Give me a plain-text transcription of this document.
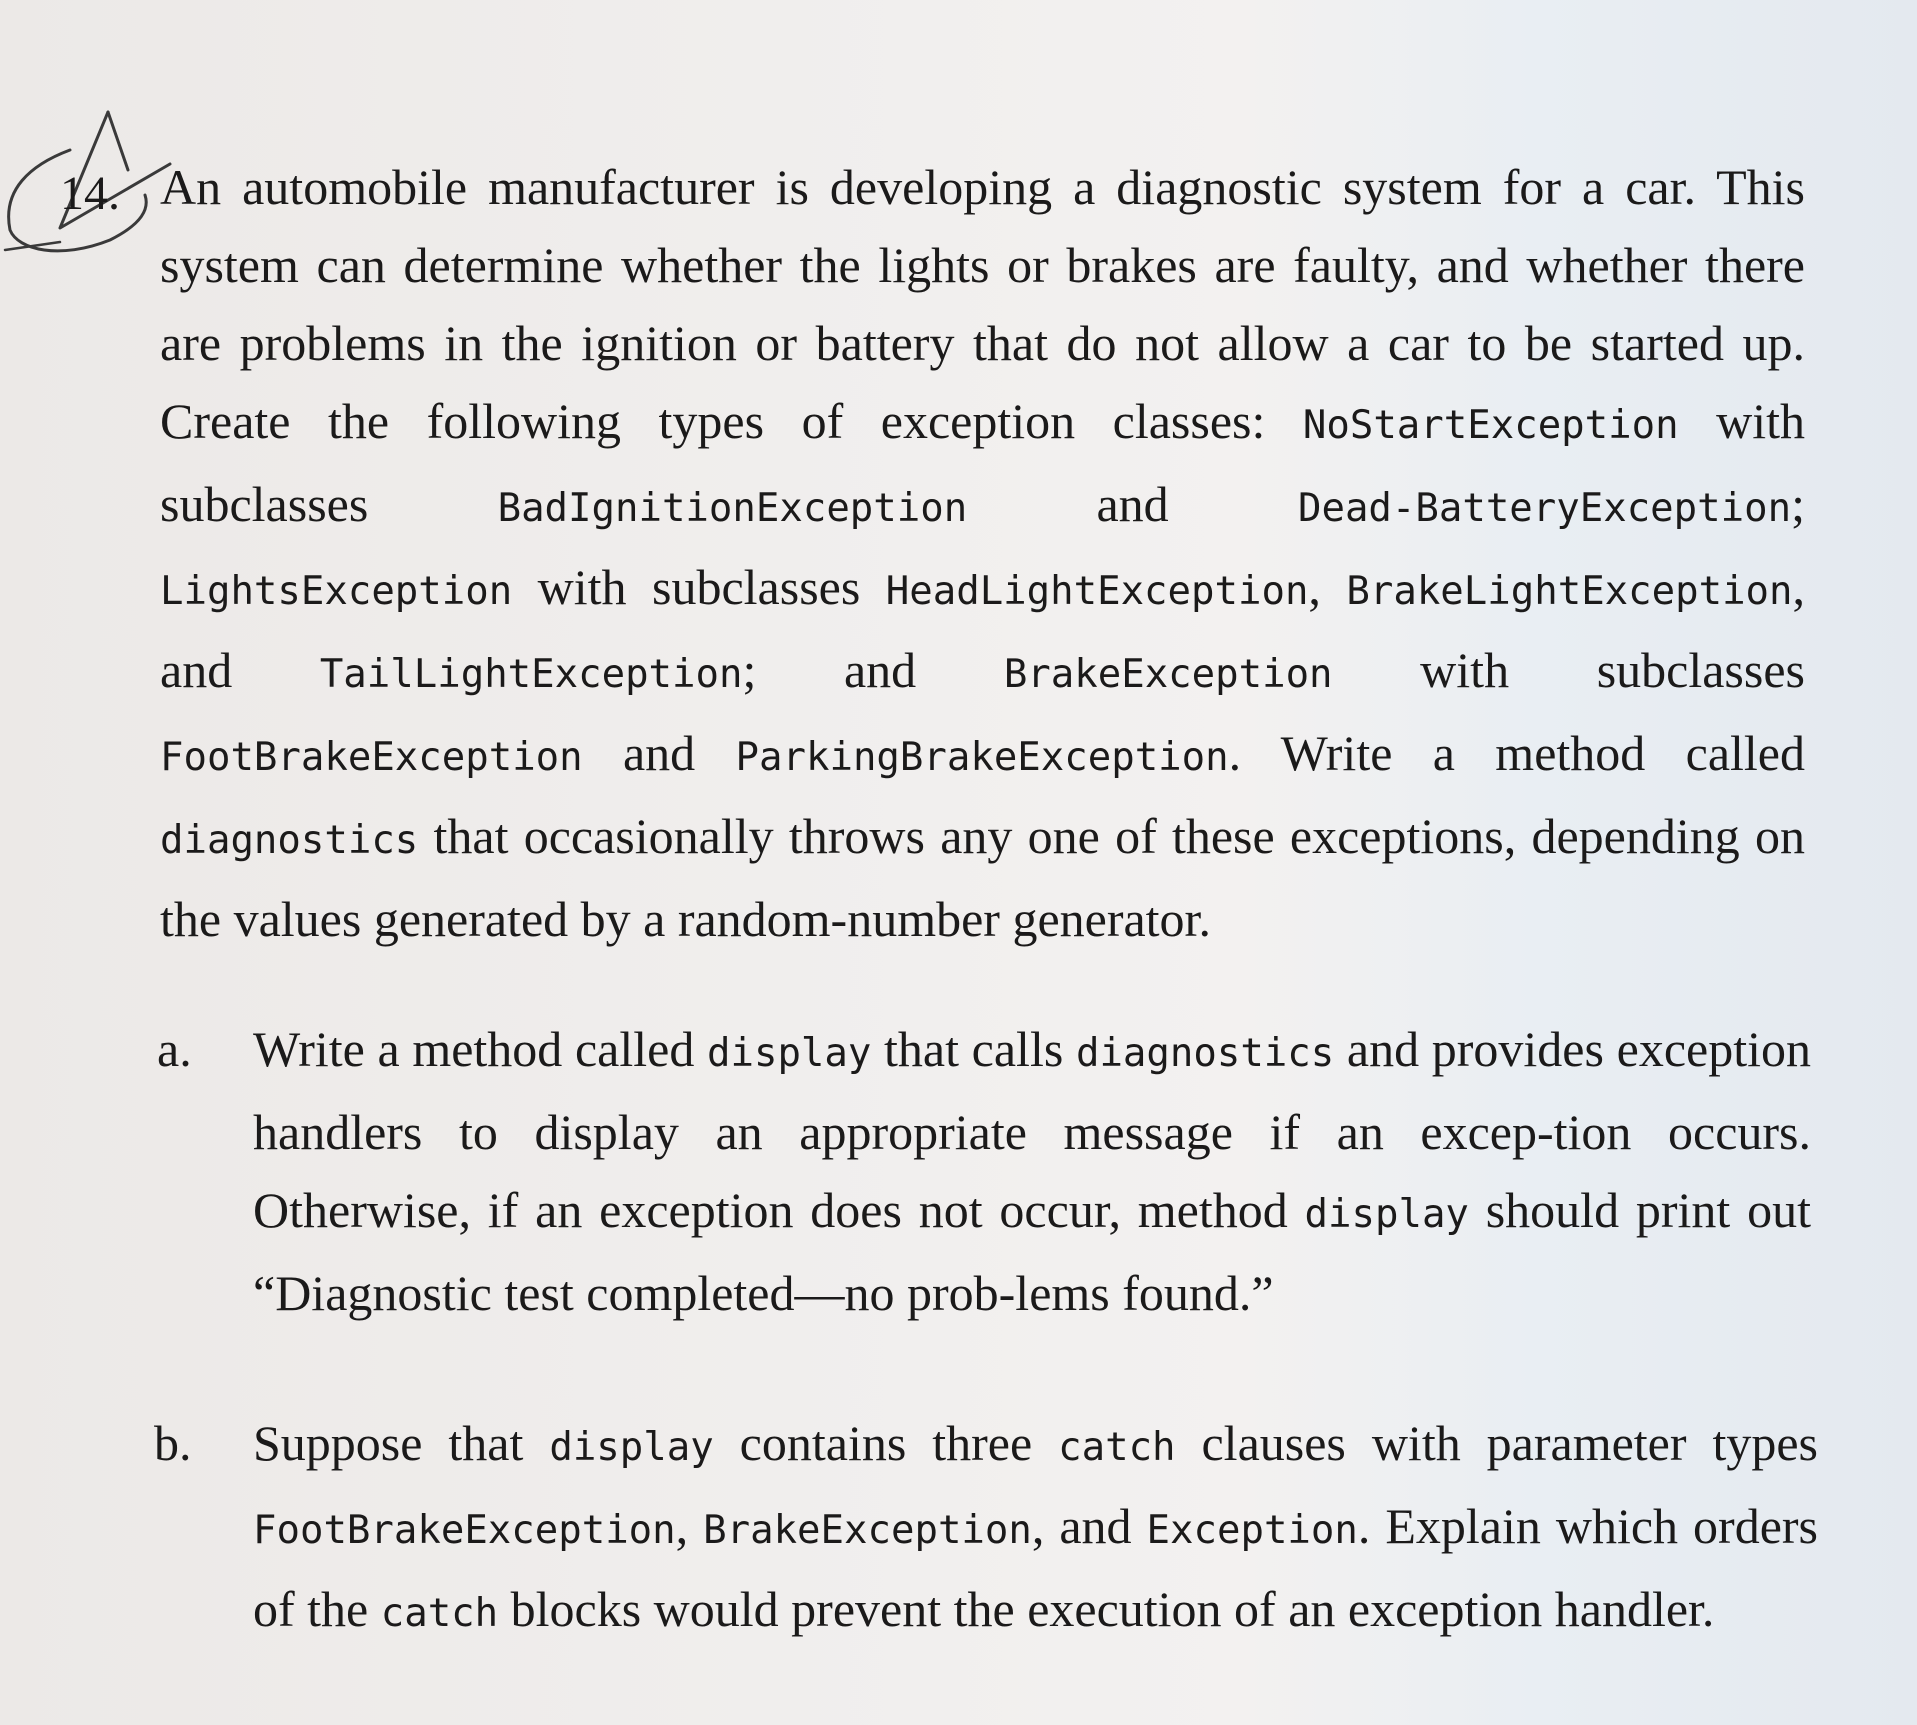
14. An automobile manufacturer is developing a diagnostic system for a car. This system can determine whether the lights or brakes are faulty, and whether there are problems in the ignition or battery that do not allow a car to be started up. Create the following types of exception classes: NoStartException with subclasses BadIgnitionException and Dead-BatteryException; LightsException with subclasses HeadLightException, BrakeLightException, and TailLightException; and BrakeException with subclasses FootBrakeException and ParkingBrakeException. Write a method called diagnostics that occasionally throws any one of these exceptions, depending on the values generated by a random-number generator.
a. Write a method called display that calls diagnostics and provides exception handlers to display an appropriate message if an excep-tion occurs. Otherwise, if an exception does not occur, method display should print out “Diagnostic test completed—no prob-lems found.”
b. Suppose that display contains three catch clauses with parameter types FootBrakeException, BrakeException, and Exception. Explain which orders of the catch blocks would prevent the execution of an exception handler.
